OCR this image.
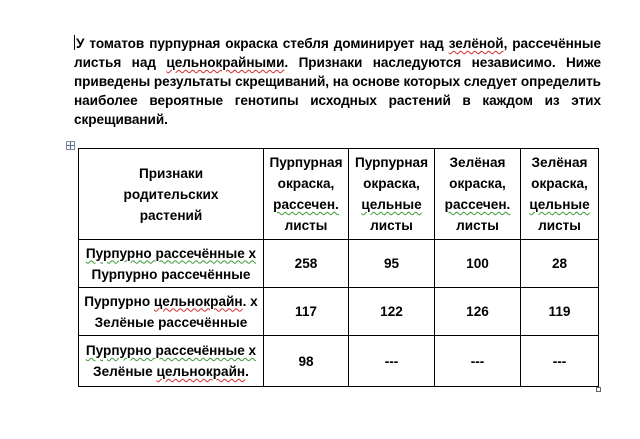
У томатов пурпурная окраска стебля доминирует над зелёной, рассечённые листья над цельнокрайными. Признаки наследуются независимо. Ниже приведены результаты скрещиваний, на основе которых следует определить наиболее вероятные генотипы исходных растений в каждом из этих скрещиваний.
Признаки
родительских
растений	Пурпурная
окраска,
рассечен.
листы	Пурпурная
окраска,
цельные
листы	Зелёная
окраска,
рассечен.
листы	Зелёная
окраска,
цельные
листы

Пурпурно рассечённые х
Пурпурно рассечённые	258	95	100	28

Пурпурно цельнокрайн. х
Зелёные рассечённые	117	122	126	119

Пурпурно рассечённые х
Зелёные цельнокрайн.	98	---	---	---
